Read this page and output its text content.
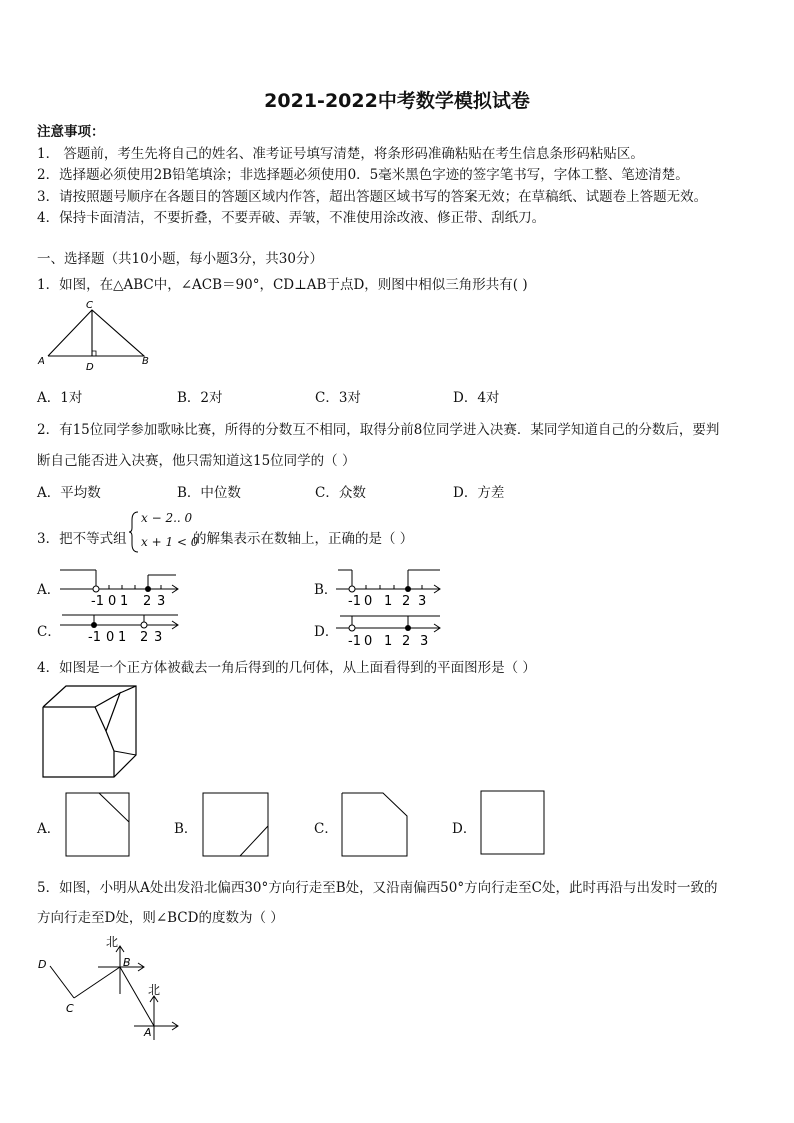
2021-2022中考数学模拟试卷
注意事项：
1． 答题前，考生先将自己的姓名、准考证号填写清楚，将条形码准确粘贴在考生信息条形码粘贴区。
2．选择题必须使用2B铅笔填涂；非选择题必须使用0．5毫米黑色字迹的签字笔书写，字体工整、笔迹清楚。
3．请按照题号顺序在各题目的答题区域内作答，超出答题区域书写的答案无效；在草稿纸、试题卷上答题无效。
4．保持卡面清洁，不要折叠，不要弄破、弄皱，不准使用涂改液、修正带、刮纸刀。
一、选择题（共10小题，每小题3分，共30分）
1．如图，在△ABC中，∠ACB＝90°，CD⊥AB于点D，则图中相似三角形共有( )
C
A	B
D
A．1对	B．2对	C．3对	D．4对
2．有15位同学参加歌咏比赛，所得的分数互不相同，取得分前8位同学进入决赛．某同学知道自己的分数后，要判
断自己能否进入决赛，他只需知道这15位同学的（ ）
A．平均数	B．中位数	C．众数	D．方差
3．把不等式组
x − 2.. 0
x + 1 < 0
的解集表示在数轴上，正确的是（ ）
A．
-1 0 1 2 3
B．
-1 0 1 2 3
C． -1 0 1 2 3	D．
-1 0 1 2 3
4．如图是一个正方体被截去一角后得到的几何体，从上面看得到的平面图形是（ ）
A．	B．	C．	D．
5．如图，小明从A处出发沿北偏西30°方向行走至B处，又沿南偏西50°方向行走至C处，此时再沿与出发时一致的
方向行走至D处，则∠BCD的度数为（ ）
北
北
B
A
C
D
